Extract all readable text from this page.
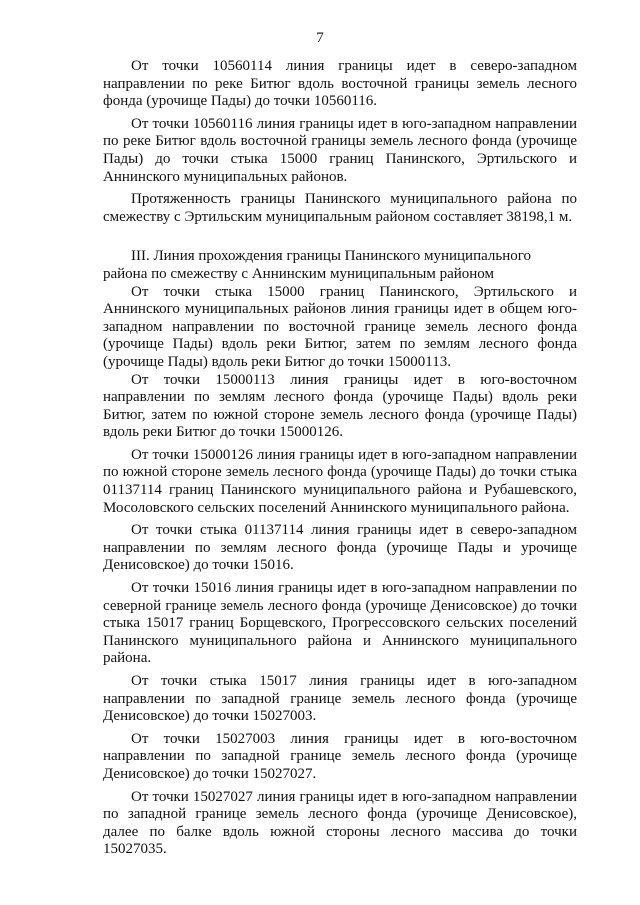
7

От точки 10560114 линия границы идет в северо-западном направлении по реке Битюг вдоль восточной границы земель лесного фонда (урочище Пады) до точки 10560116.

От точки 10560116 линия границы идет в юго-западном направлении по реке Битюг вдоль восточной границы земель лесного фонда (урочище Пады) до точки стыка 15000 границ Панинского, Эртильского и Аннинского муниципальных районов.

Протяженность границы Панинского муниципального района по смежеству с Эртильским муниципальным районом составляет 38198,1 м.

III. Линия прохождения границы Панинского муниципального района по смежеству с Аннинским муниципальным районом

От точки стыка 15000 границ Панинского, Эртильского и Аннинского муниципальных районов линия границы идет в общем юго-западном направлении по восточной границе земель лесного фонда (урочище Пады) вдоль реки Битюг, затем по землям лесного фонда (урочище Пады) вдоль реки Битюг до точки 15000113.

От точки 15000113 линия границы идет в юго-восточном направлении по землям лесного фонда (урочище Пады) вдоль реки Битюг, затем по южной стороне земель лесного фонда (урочище Пады) вдоль реки Битюг до точки 15000126.

От точки 15000126 линия границы идет в юго-западном направлении по южной стороне земель лесного фонда (урочище Пады) до точки стыка 01137114 границ Панинского муниципального района и Рубашевского, Мосоловского сельских поселений Аннинского муниципального района.

От точки стыка 01137114 линия границы идет в северо-западном направлении по землям лесного фонда (урочище Пады и урочище Денисовское) до точки 15016.

От точки 15016 линия границы идет в юго-западном направлении по северной границе земель лесного фонда (урочище Денисовское) до точки стыка 15017 границ Борщевского, Прогрессовского сельских поселений Панинского муниципального района и Аннинского муниципального района.

От точки стыка 15017 линия границы идет в юго-западном направлении по западной границе земель лесного фонда (урочище Денисовское) до точки 15027003.

От точки 15027003 линия границы идет в юго-восточном направлении по западной границе земель лесного фонда (урочище Денисовское) до точки 15027027.

От точки 15027027 линия границы идет в юго-западном направлении по западной границе земель лесного фонда (урочище Денисовское), далее по балке вдоль южной стороны лесного массива до точки 15027035.
